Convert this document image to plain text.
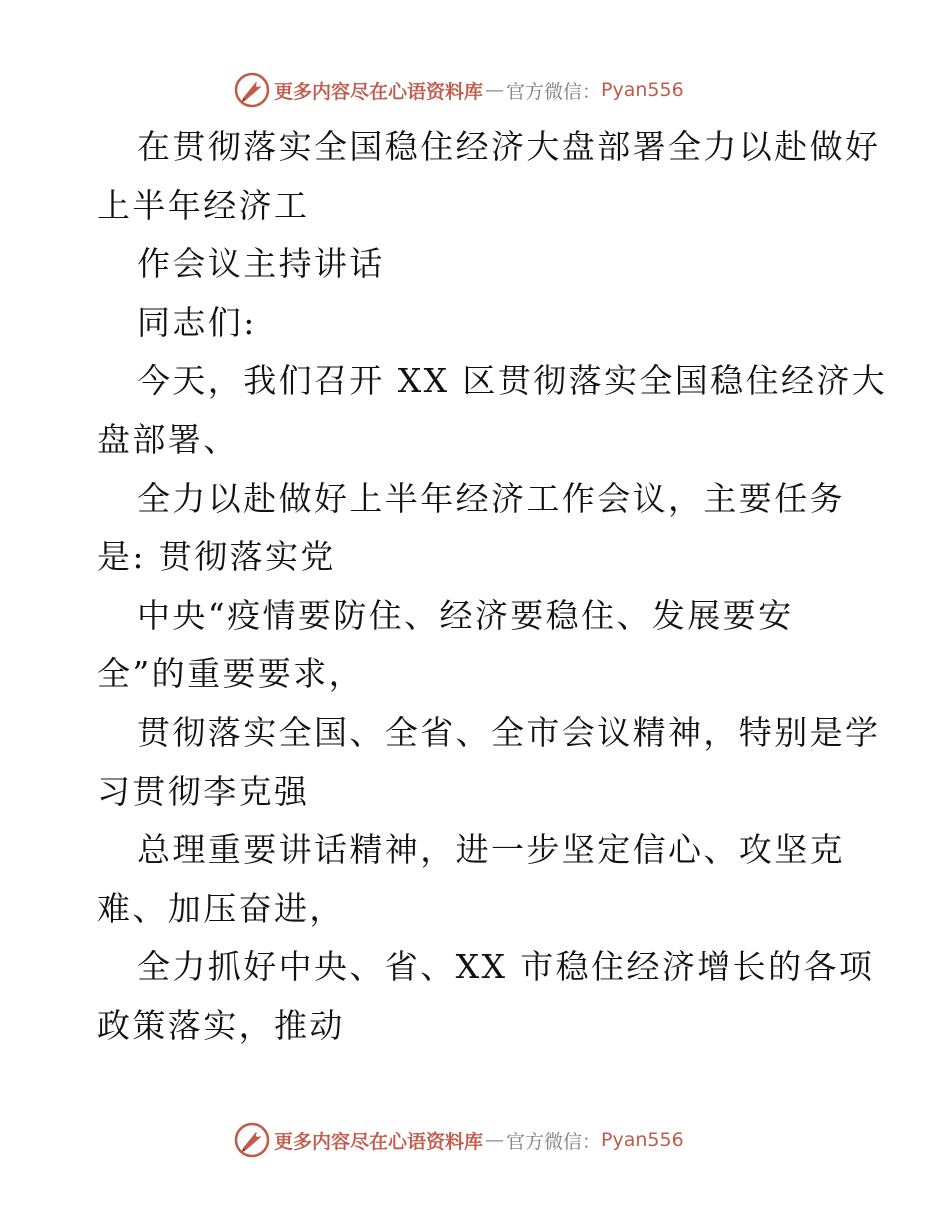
更多内容尽在心语资料库 — 官方微信： Pyan556
在贯彻落实全国稳住经济大盘部署全力以赴做好
上半年经济工
作会议主持讲话
同志们:
今天，我们召开 XX 区贯彻落实全国稳住经济大
盘部署、
全力以赴做好上半年经济工作会议，主要任务
是: 贯彻落实党
中央“疫情要防住、经济要稳住、发展要安
全”的重要要求，
贯彻落实全国、全省、全市会议精神，特别是学
习贯彻李克强
总理重要讲话精神，进一步坚定信心、攻坚克
难、加压奋进，
全力抓好中央、省、XX 市稳住经济增长的各项
政策落实，推动
更多内容尽在心语资料库 — 官方微信： Pyan556
